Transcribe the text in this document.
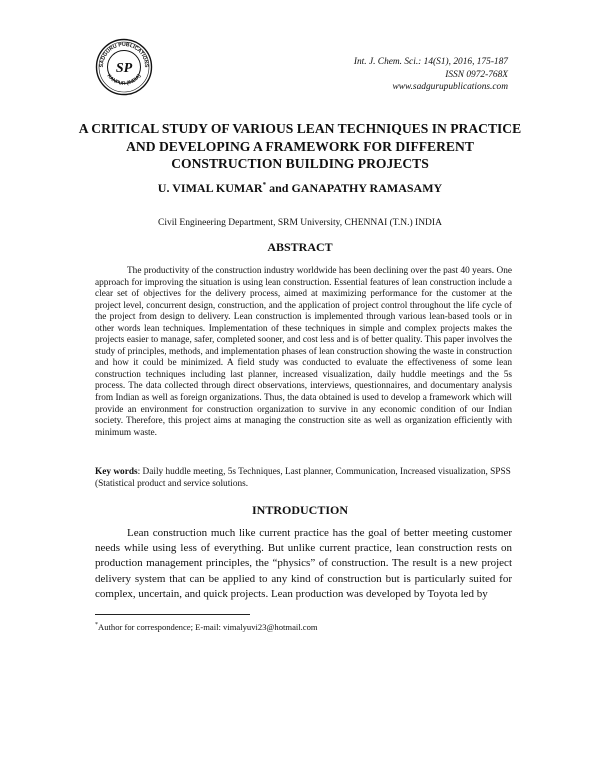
SADGURU PUBLICATIONS
KANPUR (INDIA)
SP	Int. J. Chem. Sci.: 14(S1), 2016, 175-187
ISSN 0972-768X
www.sadgurupublications.com
A CRITICAL STUDY OF VARIOUS LEAN TECHNIQUES IN PRACTICE AND DEVELOPING A FRAMEWORK FOR DIFFERENT CONSTRUCTION BUILDING PROJECTS
U. VIMAL KUMAR* and GANAPATHY RAMASAMY
Civil Engineering Department, SRM University, CHENNAI (T.N.) INDIA
ABSTRACT

The productivity of the construction industry worldwide has been declining over the past 40 years. One approach for improving the situation is using lean construction. Essential features of lean construction include a clear set of objectives for the delivery process, aimed at maximizing performance for the customer at the project level, concurrent design, construction, and the application of project control throughout the life cycle of the project from design to delivery. Lean construction is implemented through various lean-based tools or in other words lean techniques. Implementation of these techniques in simple and complex projects makes the projects easier to manage, safer, completed sooner, and cost less and is of better quality. This paper involves the study of principles, methods, and implementation phases of lean construction showing the waste in construction and how it could be minimized. A field study was conducted to evaluate the effectiveness of some lean construction techniques including last planner, increased visualization, daily huddle meetings and the 5s process. The data collected through direct observations, interviews, questionnaires, and documentary analysis from Indian as well as foreign organizations. Thus, the data obtained is used to develop a framework which will provide an environment for construction organization to survive in any economic condition of our Indian society. Therefore, this project aims at managing the construction site as well as organization efficiently with minimum waste.

Key words: Daily huddle meeting, 5s Techniques, Last planner, Communication, Increased visualization, SPSS (Statistical product and service solutions.
INTRODUCTION

Lean construction much like current practice has the goal of better meeting customer needs while using less of everything. But unlike current practice, lean construction rests on production management principles, the “physics” of construction. The result is a new project delivery system that can be applied to any kind of construction but is particularly suited for complex, uncertain, and quick projects. Lean production was developed by Toyota led by

*Author for correspondence; E-mail: vimalyuvi23@hotmail.com
